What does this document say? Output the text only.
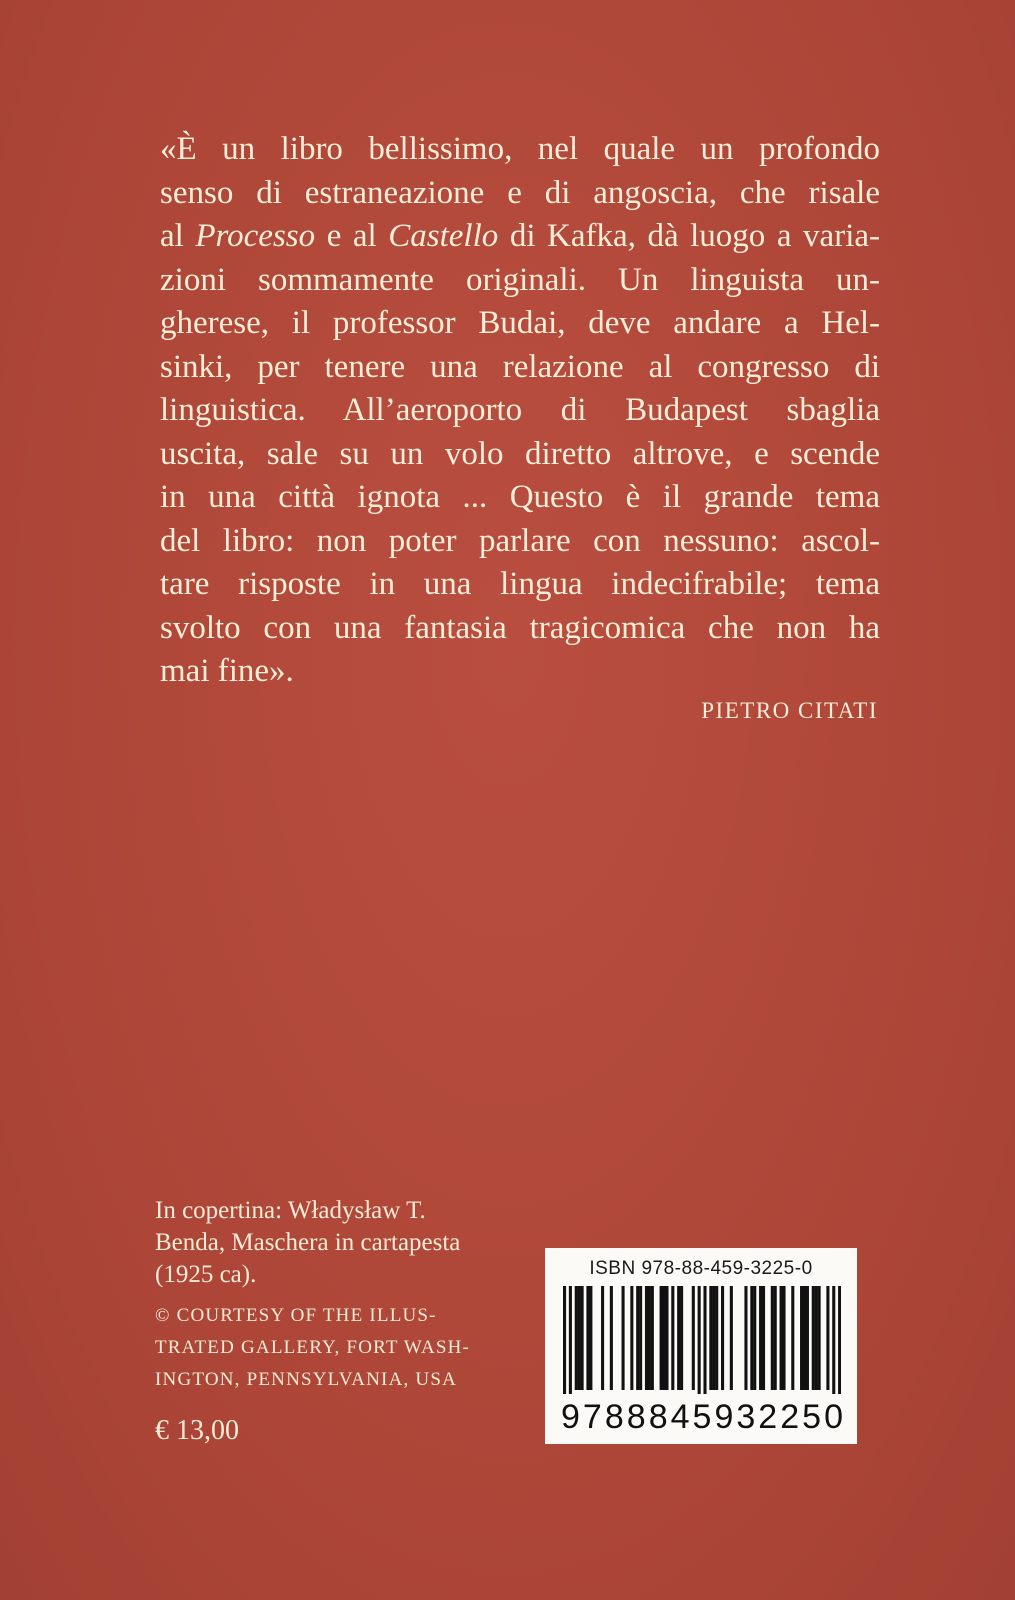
«È un libro bellissimo, nel quale un profondo
senso di estraneazione e di angoscia, che risale
al Processo e al Castello di Kafka, dà luogo a varia-
zioni sommamente originali. Un linguista un-
gherese, il professor Budai, deve andare a Hel-
sinki, per tenere una relazione al congresso di
linguistica. All’aeroporto di Budapest sbaglia
uscita, sale su un volo diretto altrove, e scende
in una città ignota ... Questo è il grande tema
del libro: non poter parlare con nessuno: ascol-
tare risposte in una lingua indecifrabile; tema
svolto con una fantasia tragicomica che non ha
mai fine».
PIETRO CITATI
In copertina: Władysław T.
Benda, Maschera in cartapesta
(1925 ca).
© COURTESY OF THE ILLUS-
TRATED GALLERY, FORT WASH-
INGTON, PENNSYLVANIA, USA
€ 13,00
ISBN 978-88-459-3225-0
9 7 8 8 8 4 5 9 3 2 2 5 0
